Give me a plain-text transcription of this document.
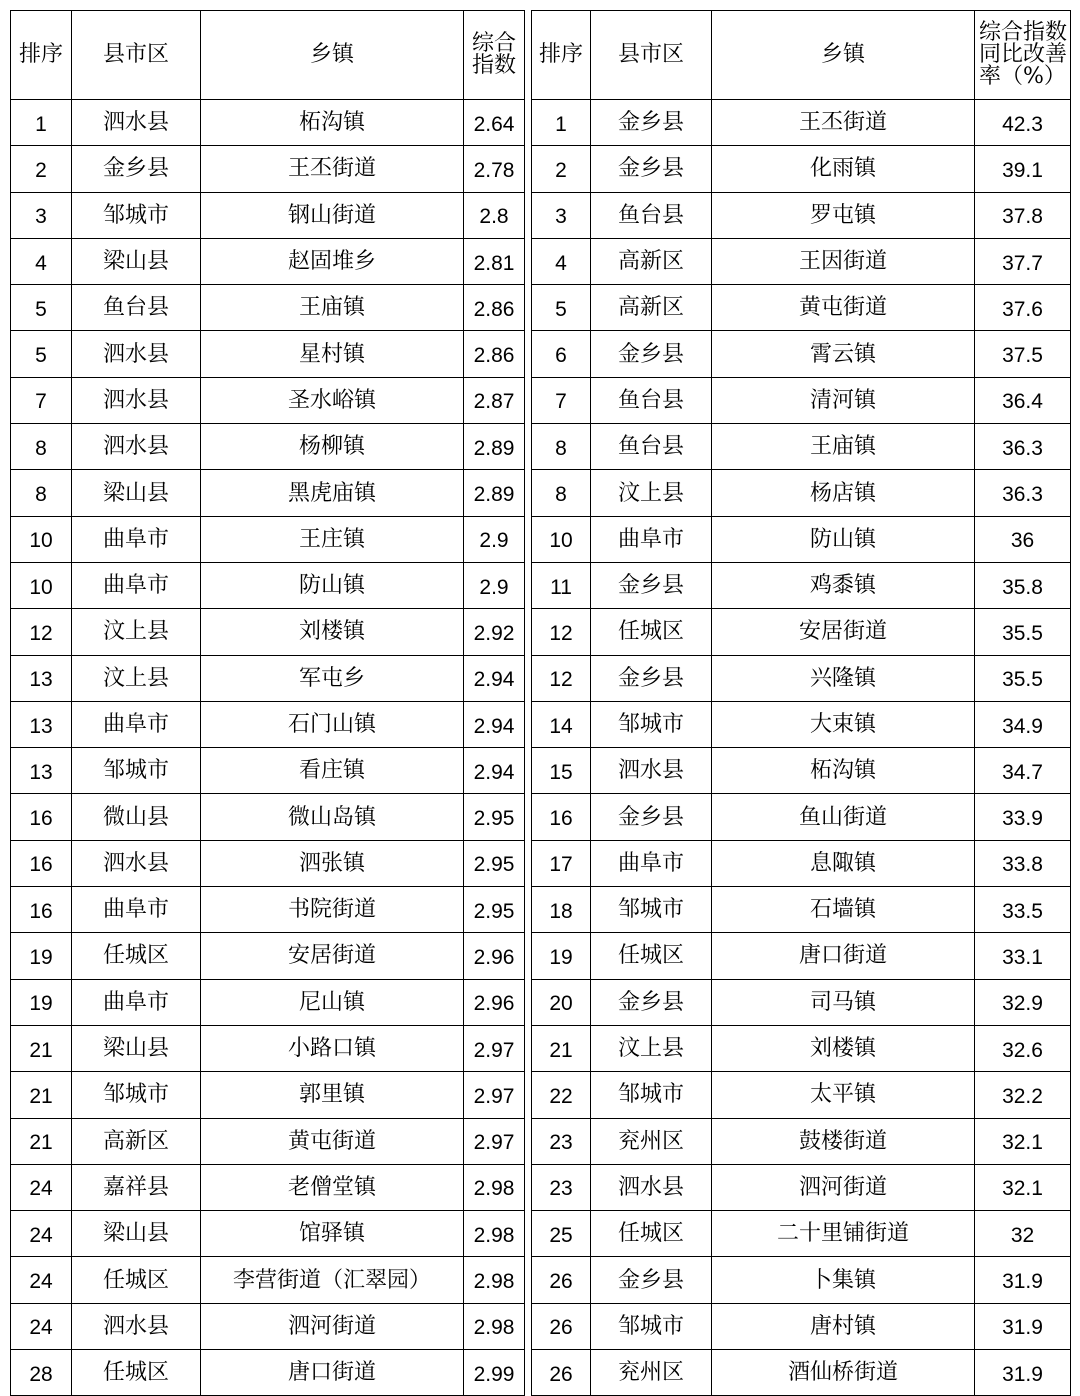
排序	县市区	乡镇	综合
指数

1	泗水县	柘沟镇	2.64
2	金乡县	王丕街道	2.78
3	邹城市	钢山街道	2.8
4	梁山县	赵固堆乡	2.81
5	鱼台县	王庙镇	2.86
5	泗水县	星村镇	2.86
7	泗水县	圣水峪镇	2.87
8	泗水县	杨柳镇	2.89
8	梁山县	黑虎庙镇	2.89
10	曲阜市	王庄镇	2.9
10	曲阜市	防山镇	2.9
12	汶上县	刘楼镇	2.92
13	汶上县	军屯乡	2.94
13	曲阜市	石门山镇	2.94
13	邹城市	看庄镇	2.94
16	微山县	微山岛镇	2.95
16	泗水县	泗张镇	2.95
16	曲阜市	书院街道	2.95
19	任城区	安居街道	2.96
19	曲阜市	尼山镇	2.96
21	梁山县	小路口镇	2.97
21	邹城市	郭里镇	2.97
21	高新区	黄屯街道	2.97
24	嘉祥县	老僧堂镇	2.98
24	梁山县	馆驿镇	2.98
24	任城区	李营街道（汇翠园）	2.98
24	泗水县	泗河街道	2.98
28	任城区	唐口街道	2.99
排序	县市区	乡镇	综合指数
同比改善
率（%）

1	金乡县	王丕街道	42.3
2	金乡县	化雨镇	39.1
3	鱼台县	罗屯镇	37.8
4	高新区	王因街道	37.7
5	高新区	黄屯街道	37.6
6	金乡县	霄云镇	37.5
7	鱼台县	清河镇	36.4
8	鱼台县	王庙镇	36.3
8	汶上县	杨店镇	36.3
10	曲阜市	防山镇	36
11	金乡县	鸡黍镇	35.8
12	任城区	安居街道	35.5
12	金乡县	兴隆镇	35.5
14	邹城市	大束镇	34.9
15	泗水县	柘沟镇	34.7
16	金乡县	鱼山街道	33.9
17	曲阜市	息陬镇	33.8
18	邹城市	石墙镇	33.5
19	任城区	唐口街道	33.1
20	金乡县	司马镇	32.9
21	汶上县	刘楼镇	32.6
22	邹城市	太平镇	32.2
23	兖州区	鼓楼街道	32.1
23	泗水县	泗河街道	32.1
25	任城区	二十里铺街道	32
26	金乡县	卜集镇	31.9
26	邹城市	唐村镇	31.9
26	兖州区	酒仙桥街道	31.9
